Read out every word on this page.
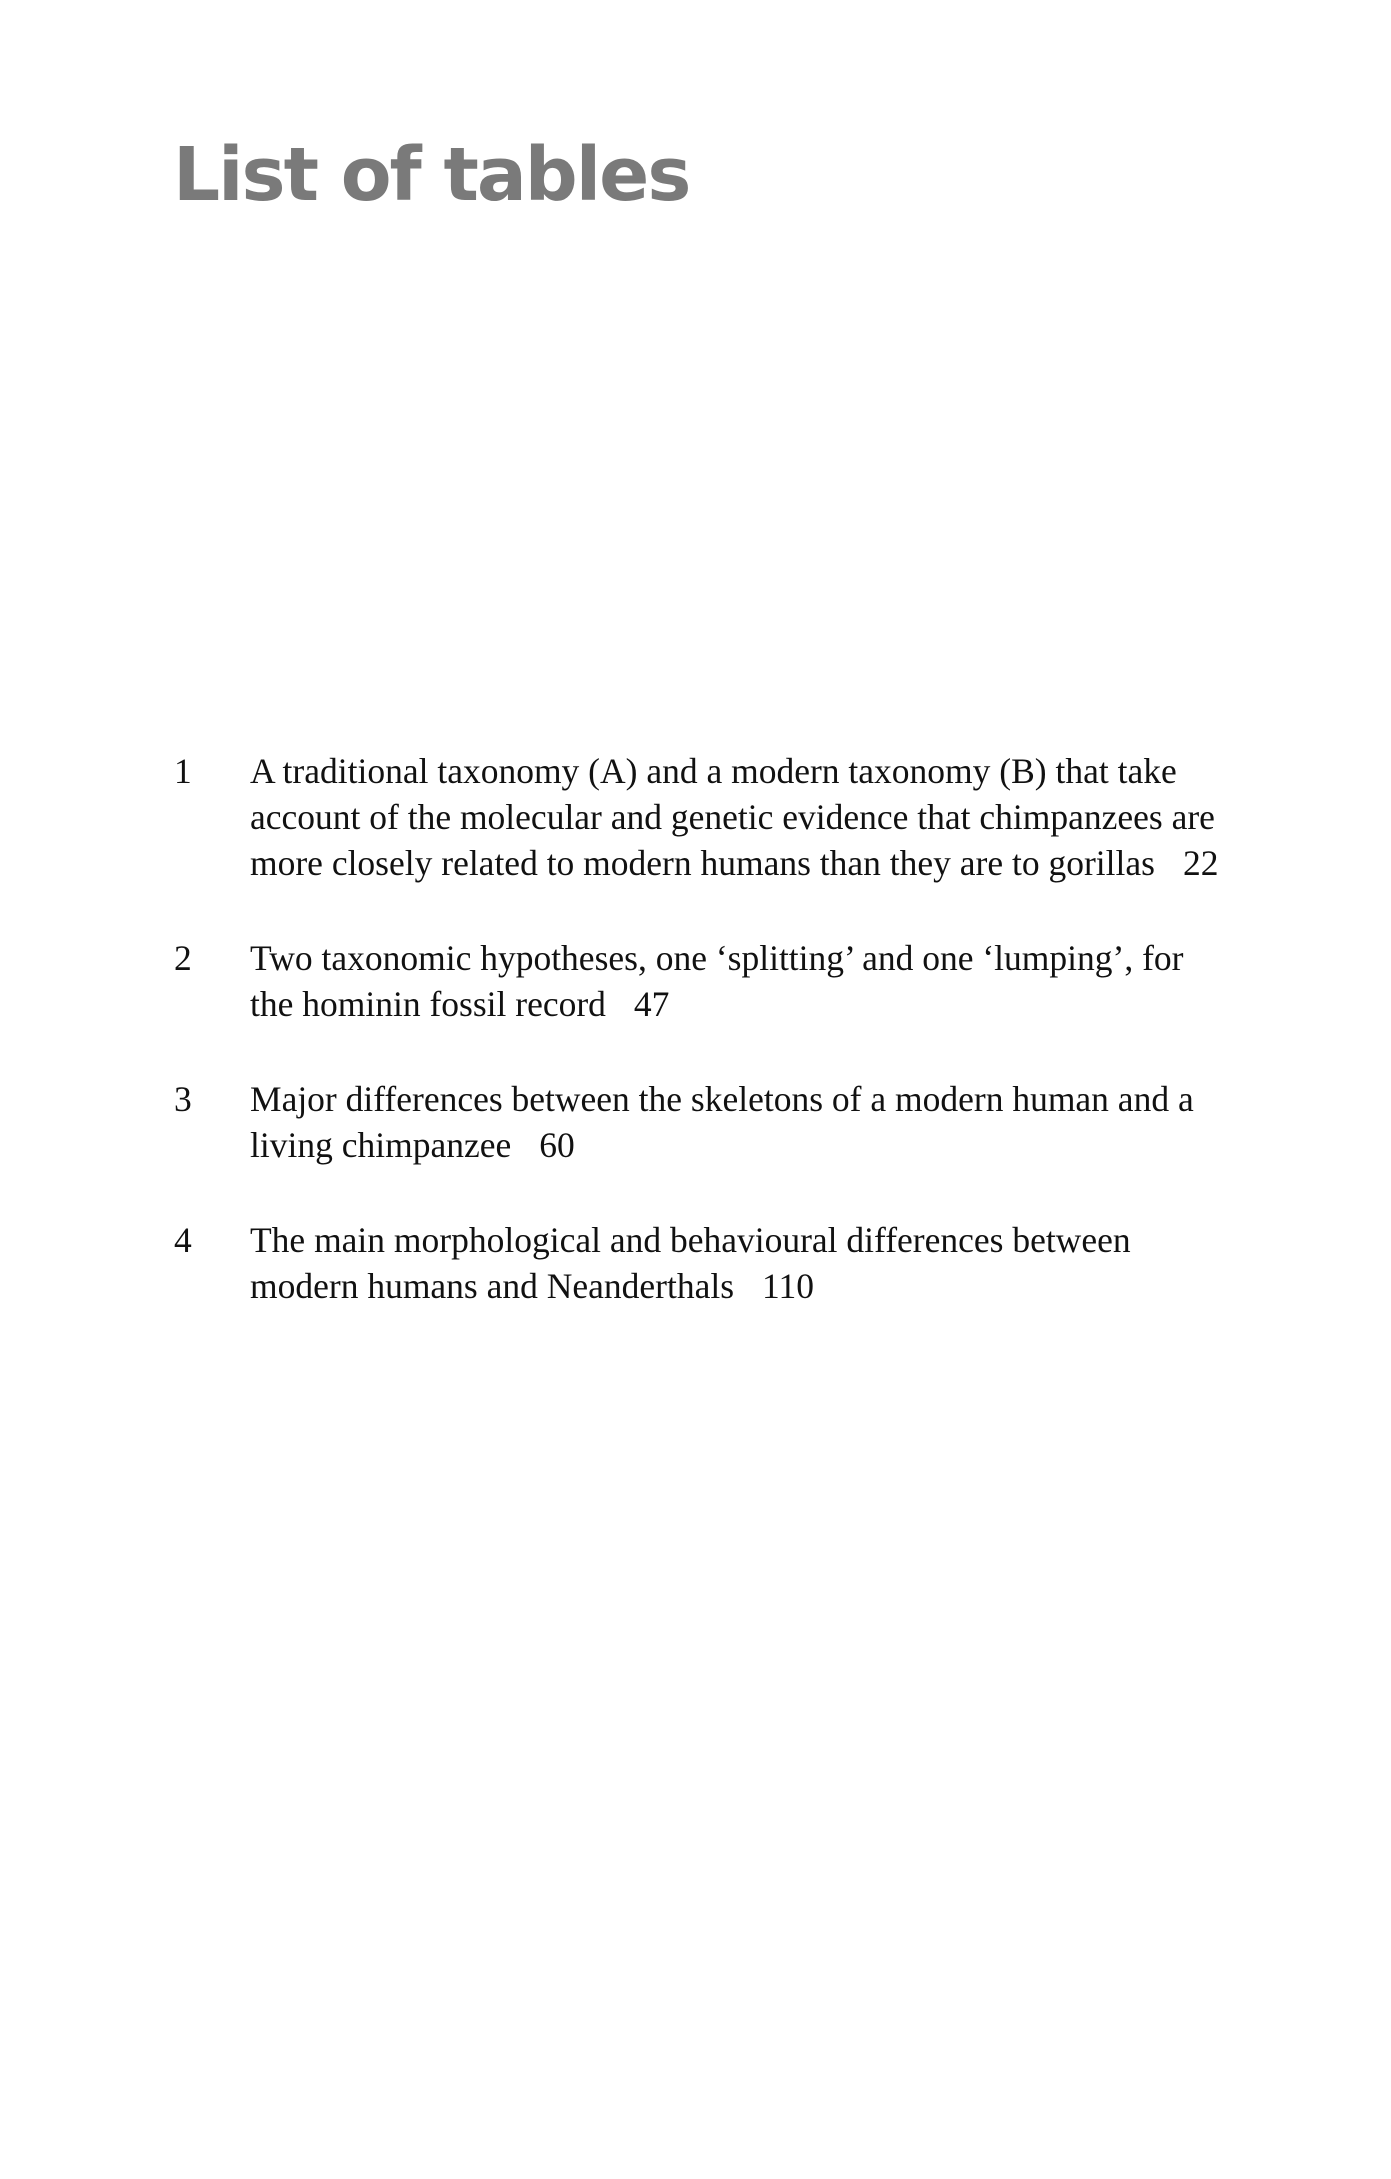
List of tables
1 A traditional taxonomy (A) and a modern taxonomy (B) that take account of the molecular and genetic evidence that chimpanzees are more closely related to modern humans than they are to gorillas 22
2 Two taxonomic hypotheses, one ‘splitting’ and one ‘lumping’, for the hominin fossil record 47
3 Major differences between the skeletons of a modern human and a living chimpanzee 60
4 The main morphological and behavioural differences between modern humans and Neanderthals 110
